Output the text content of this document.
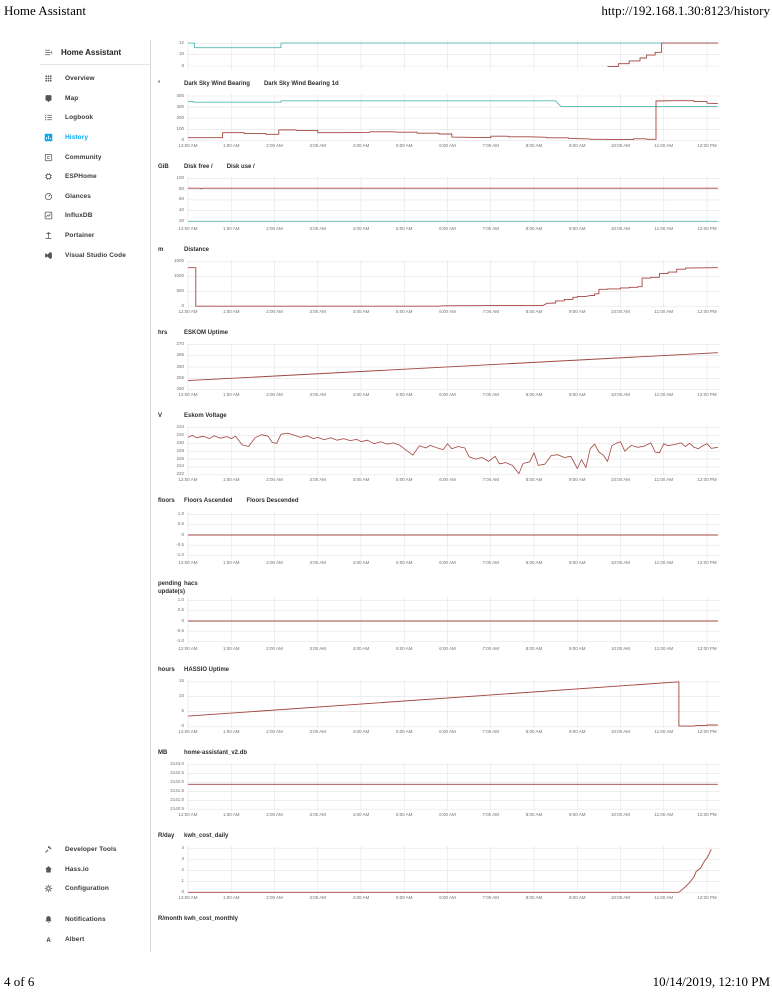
Home Assistant	http://192.168.1.30:8123/history
Home Assistant
Overview
Map
Logbook
History
C Community
ESPHome
Glances
InfluxDB
Portainer
Visual Studio Code
Developer Tools
Hass.io
Configuration
Notifications
A Albert
12
10
8
°	Dark Sky Wind Bearing Dark Sky Wind Bearing 1d
400
300
200
100
0
12:00 AM	1:00 AM	2:00 AM	3:00 AM	4:00 AM	5:00 AM	6:00 AM	7:00 AM	8:00 AM	9:00 AM	10:00 AM	11:00 AM	12:00 PM
GiB	Disk free / Disk use /
100
80
60
40
20
12:00 AM	1:00 AM	2:00 AM	3:00 AM	4:00 AM	5:00 AM	6:00 AM	7:00 AM	8:00 AM	9:00 AM	10:00 AM	11:00 AM	12:00 PM
m	Distance
1500
1000
500
0
12:00 AM	1:00 AM	2:00 AM	3:00 AM	4:00 AM	5:00 AM	6:00 AM	7:00 AM	8:00 AM	9:00 AM	10:00 AM	11:00 AM	12:00 PM
hrs	ESKOM Uptime
270
265
260
255
250
12:00 AM	1:00 AM	2:00 AM	3:00 AM	4:00 AM	5:00 AM	6:00 AM	7:00 AM	8:00 AM	9:00 AM	10:00 AM	11:00 AM	12:00 PM
V	Eskom Voltage
234
232
230
228
226
224
222
12:00 AM	1:00 AM	2:00 AM	3:00 AM	4:00 AM	5:00 AM	6:00 AM	7:00 AM	8:00 AM	9:00 AM	10:00 AM	11:00 AM	12:00 PM
floors	Floors Ascended Floors Descended
1.0
0.5
0
-0.5
-1.0
12:00 AM	1:00 AM	2:00 AM	3:00 AM	4:00 AM	5:00 AM	6:00 AM	7:00 AM	8:00 AM	9:00 AM	10:00 AM	11:00 AM	12:00 PM
pending update(s)
hacs
1.0
0.5
0
-0.5
-1.0
12:00 AM	1:00 AM	2:00 AM	3:00 AM	4:00 AM	5:00 AM	6:00 AM	7:00 AM	8:00 AM	9:00 AM	10:00 AM	11:00 AM	12:00 PM
hours	HASSIO Uptime
15
10
5
0
12:00 AM	1:00 AM	2:00 AM	3:00 AM	4:00 AM	5:00 AM	6:00 AM	7:00 AM	8:00 AM	9:00 AM	10:00 AM	11:00 AM	12:00 PM
MB	home-assistant_v2.db
2143.0
2142.5
2142.0
2141.5
2141.0
2140.5
12:00 AM	1:00 AM	2:00 AM	3:00 AM	4:00 AM	5:00 AM	6:00 AM	7:00 AM	8:00 AM	9:00 AM	10:00 AM	11:00 AM	12:00 PM
R/day	kwh_cost_daily
4
3
2
1
0
12:00 AM	1:00 AM	2:00 AM	3:00 AM	4:00 AM	5:00 AM	6:00 AM	7:00 AM	8:00 AM	9:00 AM	10:00 AM	11:00 AM	12:00 PM
R/month kwh_cost_monthly
4 of 6	10/14/2019, 12:10 PM
